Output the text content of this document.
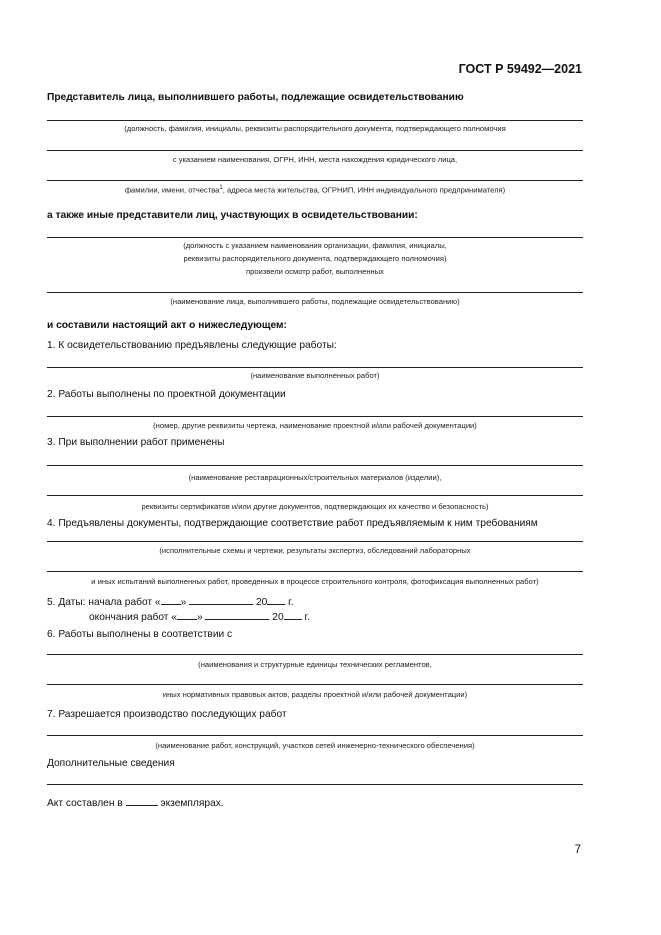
ГОСТ Р 59492—2021
Представитель лица, выполнившего работы, подлежащие освидетельствованию
(должность, фамилия, инициалы, реквизиты распорядительного документа, подтверждающего полномочия
с указанием наименования, ОГРН, ИНН, места нахождения юридического лица,
фамилии, имени, отчества$^1$, адреса места жительства, ОГРНИП, ИНН индивидуального предпринимателя)
а также иные представители лиц, участвующих в освидетельствовании:
(должность с указанием наименования организации, фамилия, инициалы,
реквизиты распорядительного документа, подтверждающего полномочия)
произвели осмотр работ, выполненных
(наименование лица, выполнившего работы, подлежащие освидетельствованию)
и составили настоящий акт о нижеследующем:
1. К освидетельствованию предъявлены следующие работы:
(наименование выполненных работ)
2. Работы выполнены по проектной документации
(номер, другие реквизиты чертежа, наименование проектной и/или рабочей документации)
3. При выполнении работ применены
(наименование реставрационных/строительных материалов (изделии),
реквизиты сертификатов и/или другие документов, подтверждающих их качество и безопасность)
4. Предъявлены документы, подтверждающие соответствие работ предъявляемым к ним требованиям
(исполнительные схемы и чертежи, результаты экспертиз, обследований лабораторных
и иных испытаний выполненных работ, проведенных в процессе строительного контроля, фотофиксация выполненных работ)
5. Даты: начала работ « »	20 г.
окончания работ « »	20 г.
6. Работы выполнены в соответствии с
(наименования и структурные единицы технических регламентов,
иных нормативных правовых актов, разделы проектной и/или рабочей документации)
7. Разрешается производство последующих работ
(наименование работ, конструкций, участков сетей инженерно-технического обеспечения)
Дополнительные сведения
Акт составлен в	экземплярах.
7
